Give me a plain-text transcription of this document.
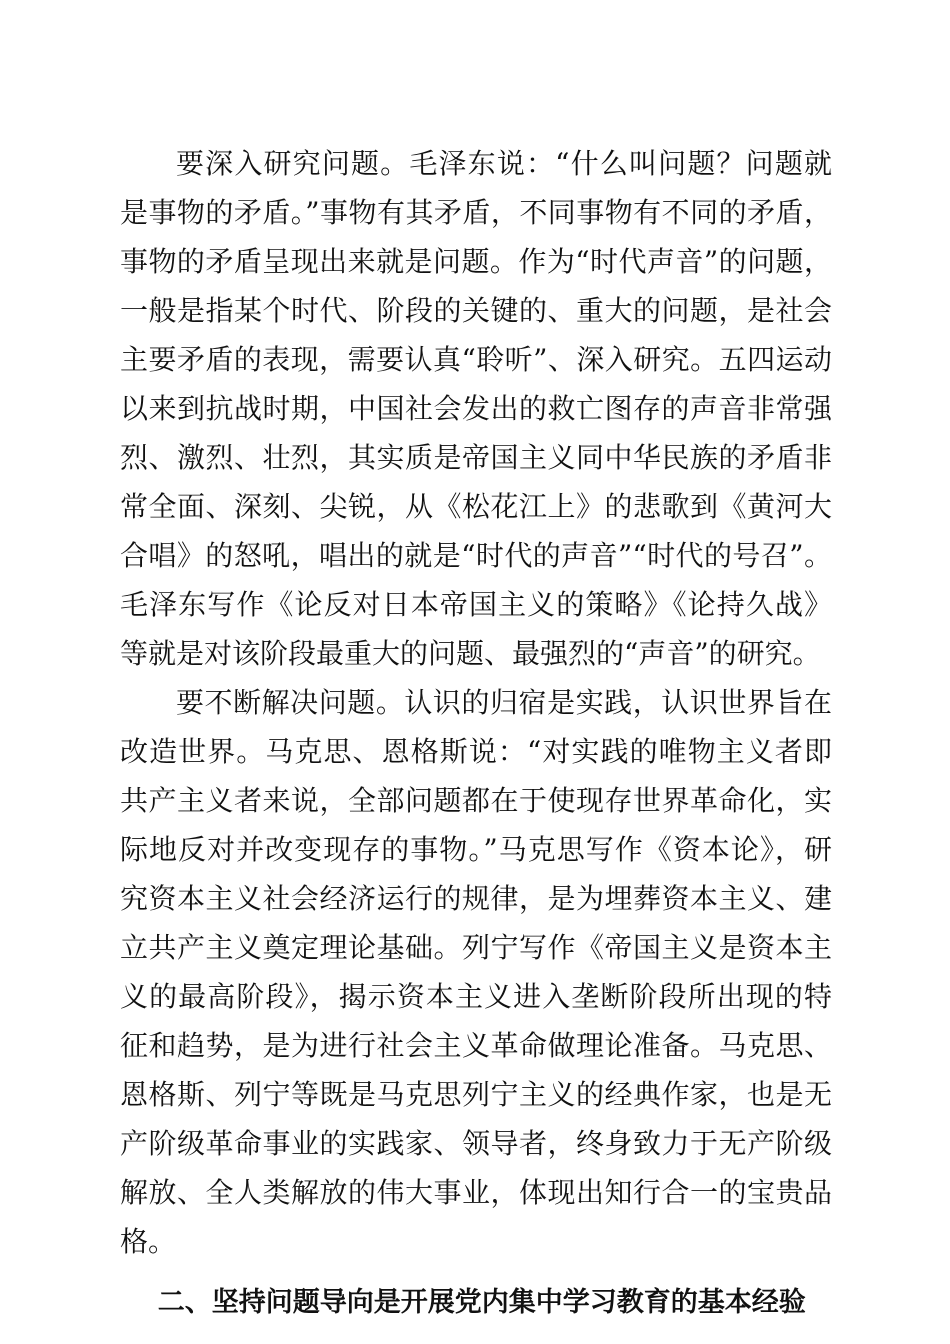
要深入研究问题。毛泽东说：“什么叫问题？问题就是事物的矛盾。”事物有其矛盾，不同事物有不同的矛盾，事物的矛盾呈现出来就是问题。作为“时代声音”的问题，一般是指某个时代、阶段的关键的、重大的问题，是社会主要矛盾的表现，需要认真“聆听”、深入研究。五四运动以来到抗战时期，中国社会发出的救亡图存的声音非常强烈、激烈、壮烈，其实质是帝国主义同中华民族的矛盾非常全面、深刻、尖锐，从《松花江上》的悲歌到《黄河大合唱》的怒吼，唱出的就是“时代的声音”“时代的号召”。毛泽东写作《论反对日本帝国主义的策略》《论持久战》等就是对该阶段最重大的问题、最强烈的“声音”的研究。

要不断解决问题。认识的归宿是实践，认识世界旨在改造世界。马克思、恩格斯说：“对实践的唯物主义者即共产主义者来说，全部问题都在于使现存世界革命化，实际地反对并改变现存的事物。”马克思写作《资本论》，研究资本主义社会经济运行的规律，是为埋葬资本主义、建立共产主义奠定理论基础。列宁写作《帝国主义是资本主义的最高阶段》，揭示资本主义进入垄断阶段所出现的特征和趋势，是为进行社会主义革命做理论准备。马克思、恩格斯、列宁等既是马克思列宁主义的经典作家，也是无产阶级革命事业的实践家、领导者，终身致力于无产阶级解放、全人类解放的伟大事业，体现出知行合一的宝贵品格。

二、坚持问题导向是开展党内集中学习教育的基本经验
